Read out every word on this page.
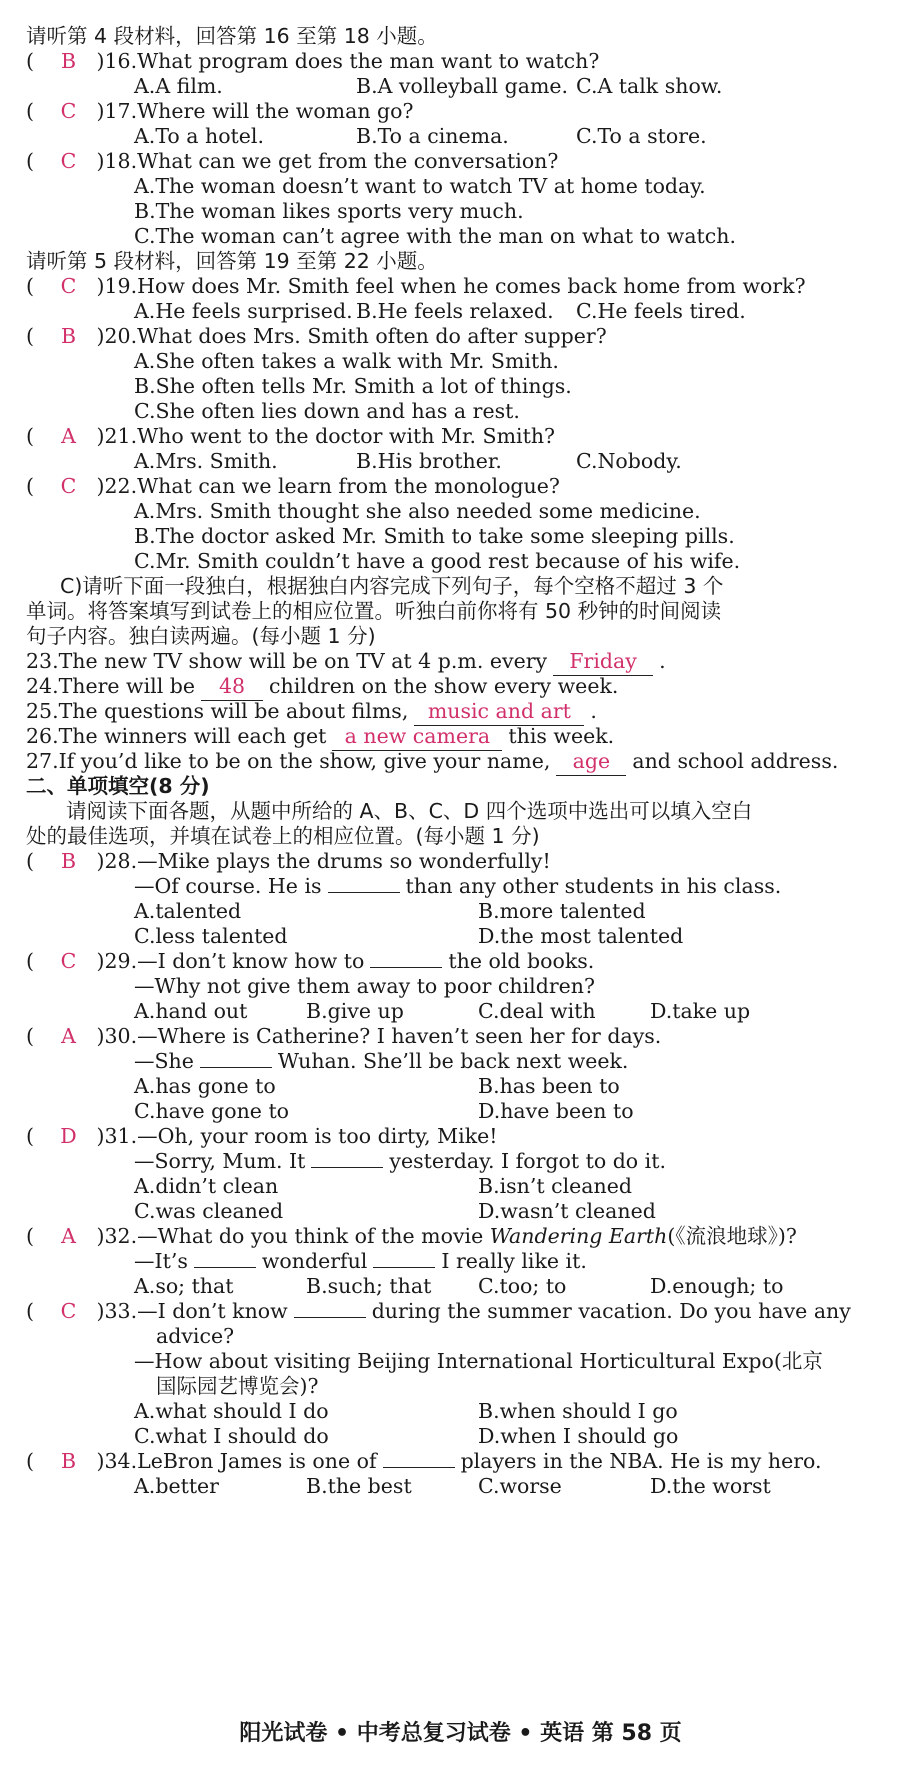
请听第 4 段材料，回答第 16 至第 18 小题。
( B )16.What program does the man want to watch?
A.A film.	B.A volleyball game. C.A talk show.
( C )17.Where will the woman go?
A.To a hotel.	B.To a cinema.	C.To a store.
( C )18.What can we get from the conversation?
A.The woman doesn’t want to watch TV at home today.
B.The woman likes sports very much.
C.The woman can’t agree with the man on what to watch.
请听第 5 段材料，回答第 19 至第 22 小题。
( C )19.How does Mr. Smith feel when he comes back home from work?
A.He feels surprised. B.He feels relaxed. C.He feels tired.
( B )20.What does Mrs. Smith often do after supper?
A.She often takes a walk with Mr. Smith.
B.She often tells Mr. Smith a lot of things.
C.She often lies down and has a rest.
( A )21.Who went to the doctor with Mr. Smith?
A.Mrs. Smith.	B.His brother.	C.Nobody.
( C )22.What can we learn from the monologue?
A.Mrs. Smith thought she also needed some medicine.
B.The doctor asked Mr. Smith to take some sleeping pills.
C.Mr. Smith couldn’t have a good rest because of his wife.
C)请听下面一段独白，根据独白内容完成下列句子，每个空格不超过 3 个
单词。将答案填写到试卷上的相应位置。听独白前你将有 50 秒钟的时间阅读
句子内容。独白读两遍。(每小题 1 分)
23.The new TV show will be on TV at 4 p.m. every Friday .
24.There will be 48 children on the show every week.
25.The questions will be about films, music and art .
26.The winners will each get a new camera this week.
27.If you’d like to be on the show, give your name, age and school address.
二、单项填空(8 分)
请阅读下面各题，从题中所给的 A、B、C、D 四个选项中选出可以填入空白
处的最佳选项，并填在试卷上的相应位置。(每小题 1 分)
( B )28.—Mike plays the drums so wonderfully!
—Of course. He is	than any other students in his class.
A.talented	B.more talented
C.less talented	D.the most talented
( C )29.—I don’t know how to	the old books.
—Why not give them away to poor children?
A.hand out	B.give up	C.deal with	D.take up
( A )30.—Where is Catherine? I haven’t seen her for days.
—She	Wuhan. She’ll be back next week.
A.has gone to	B.has been to
C.have gone to	D.have been to
( D )31.—Oh, your room is too dirty, Mike!
—Sorry, Mum. It	yesterday. I forgot to do it.
A.didn’t clean	B.isn’t cleaned
C.was cleaned	D.wasn’t cleaned
( A )32.—What do you think of the movie Wandering Earth(《流浪地球》)?
—It’s	wonderful	I really like it.
A.so; that	B.such; that C.too; to	D.enough; to
( C )33.—I don’t know	during the summer vacation. Do you have any
advice?
—How about visiting Beijing International Horticultural Expo(北京
国际园艺博览会)?
A.what should I do	B.when should I go
C.what I should do	D.when I should go
( B )34.LeBron James is one of	players in the NBA. He is my hero.
A.better	B.the best	C.worse	D.the worst
阳光试卷 • 中考总复习试卷 • 英语 第 58 页
